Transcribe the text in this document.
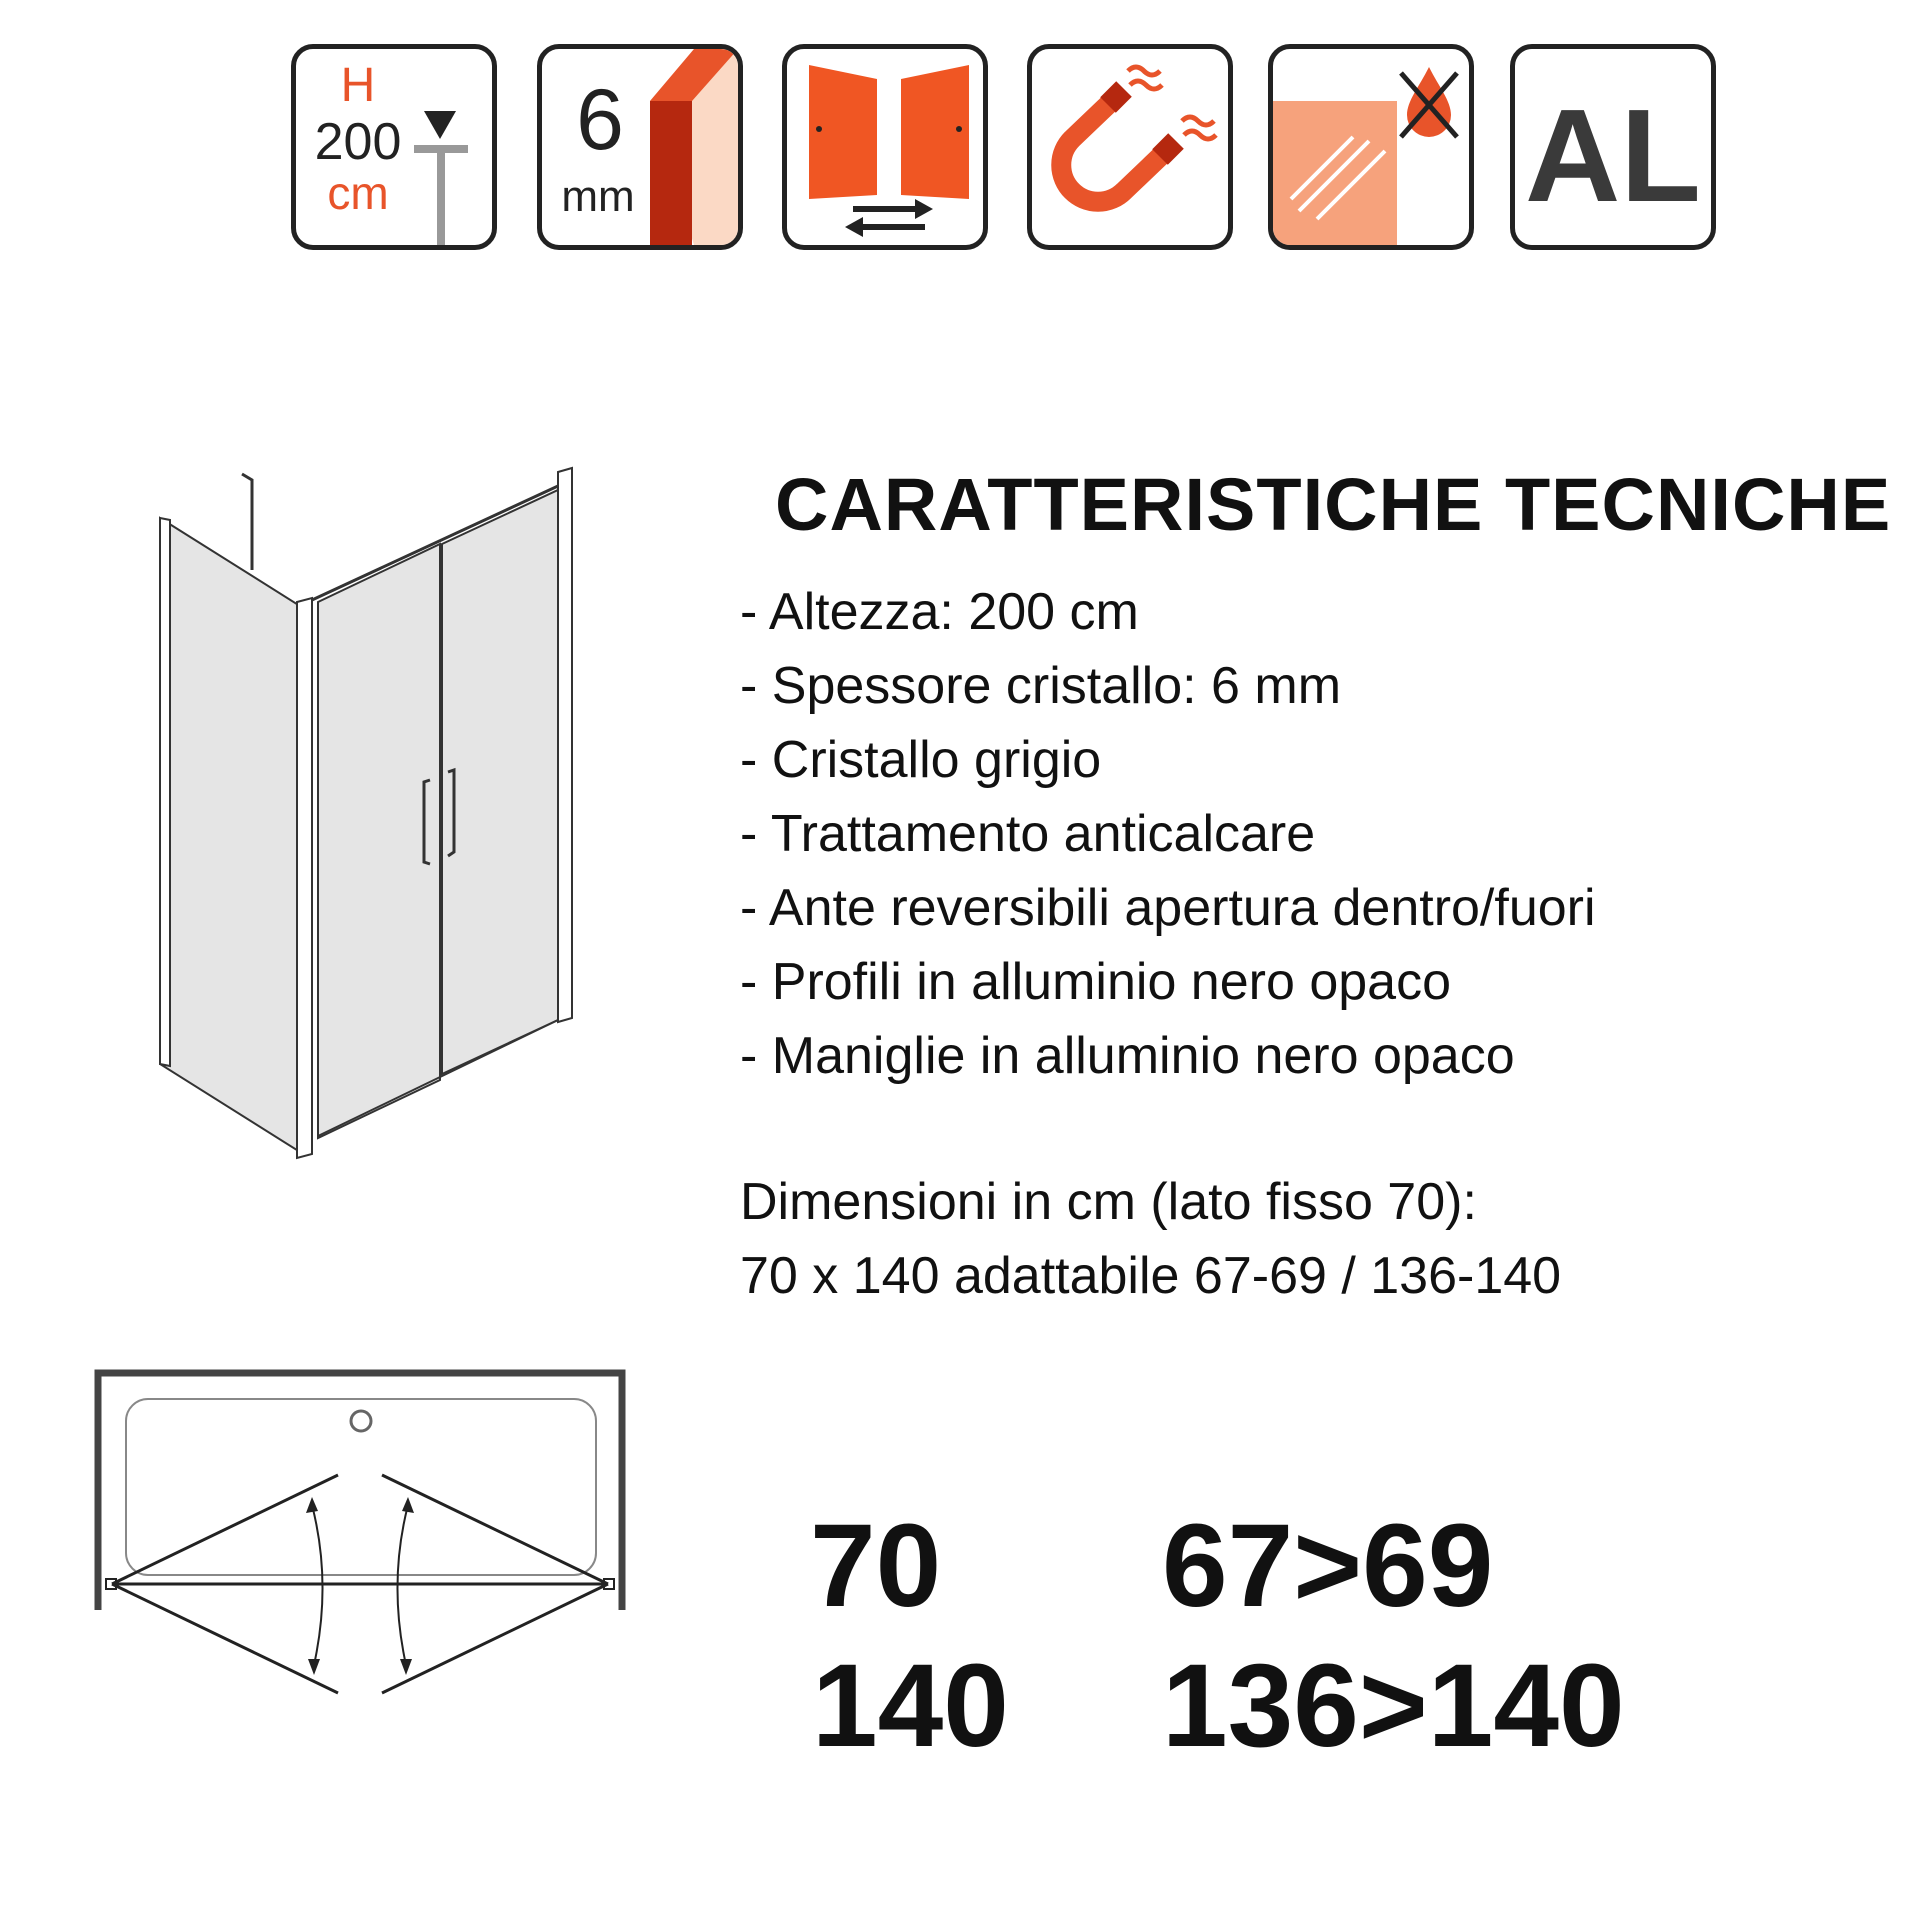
H
200
cm
6
mm	AL
CARATTERISTICHE TECNICHE
- Altezza: 200 cm
- Spessore cristallo: 6 mm
- Cristallo grigio
- Trattamento anticalcare
- Ante reversibili apertura dentro/fuori
- Profili in alluminio nero opaco
- Maniglie in alluminio nero opaco
Dimensioni in cm (lato fisso 70):
70 x 140 adattabile 67-69 / 136-140
70 67>69
140 136>140
